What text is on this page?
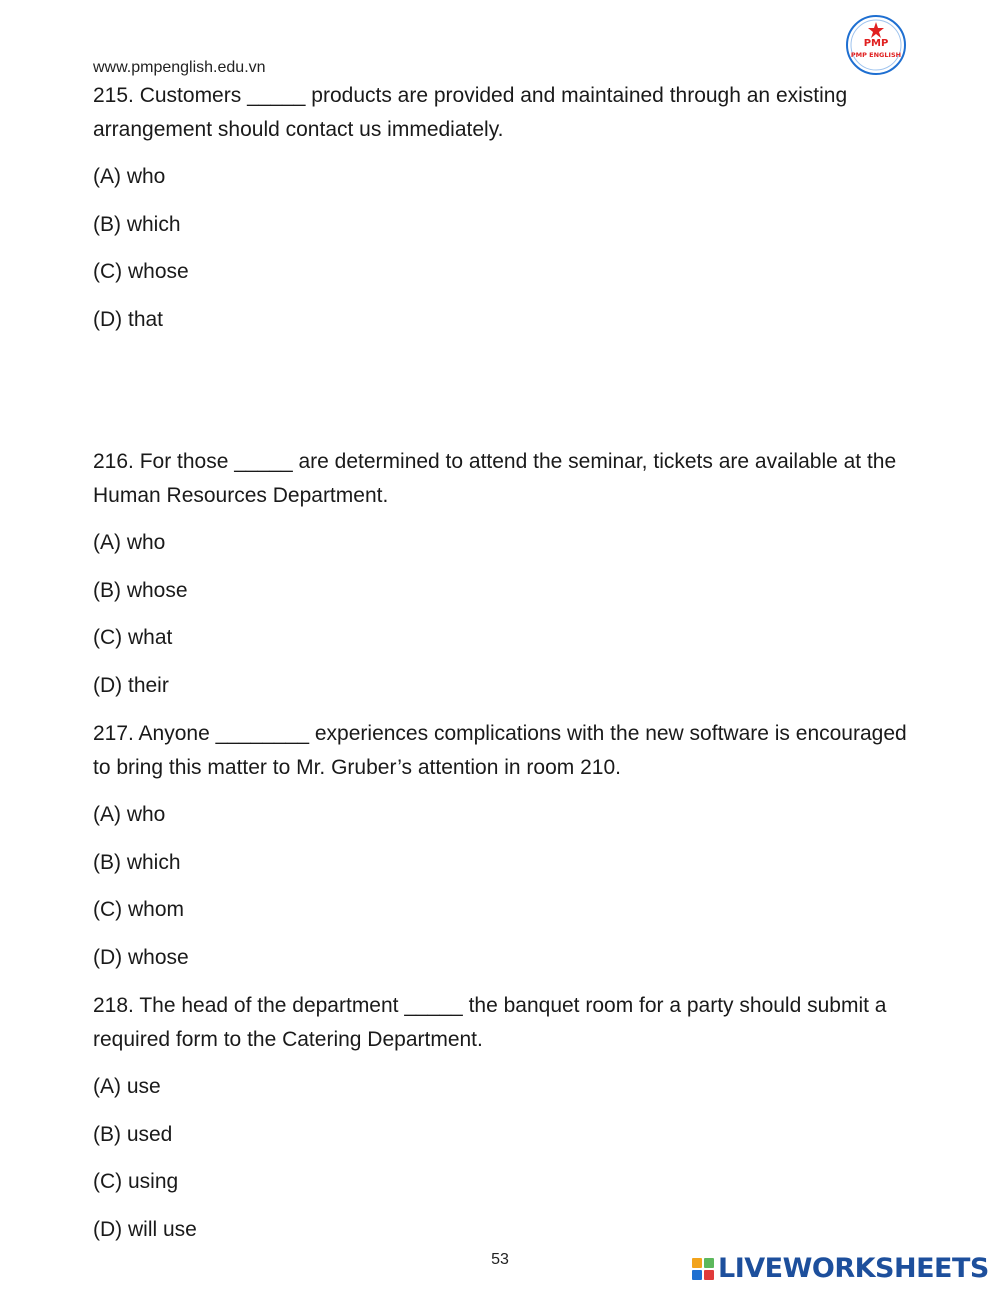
www.pmpenglish.edu.vn
PMP
PMP ENGLISH

215. Customers _____ products are provided and maintained through an existing arrangement should contact us immediately.

(A) who

(B) which

(C) whose

(D) that

216. For those _____ are determined to attend the seminar, tickets are available at the Human Resources Department.

(A) who

(B) whose

(C) what

(D) their

217. Anyone ________ experiences complications with the new software is encouraged to bring this matter to Mr. Gruber’s attention in room 210.

(A) who

(B) which

(C) whom

(D) whose

218. The head of the department _____ the banquet room for a party should submit a required form to the Catering Department.

(A) use

(B) used

(C) using

(D) will use

53	LIVEWORKSHEETS
